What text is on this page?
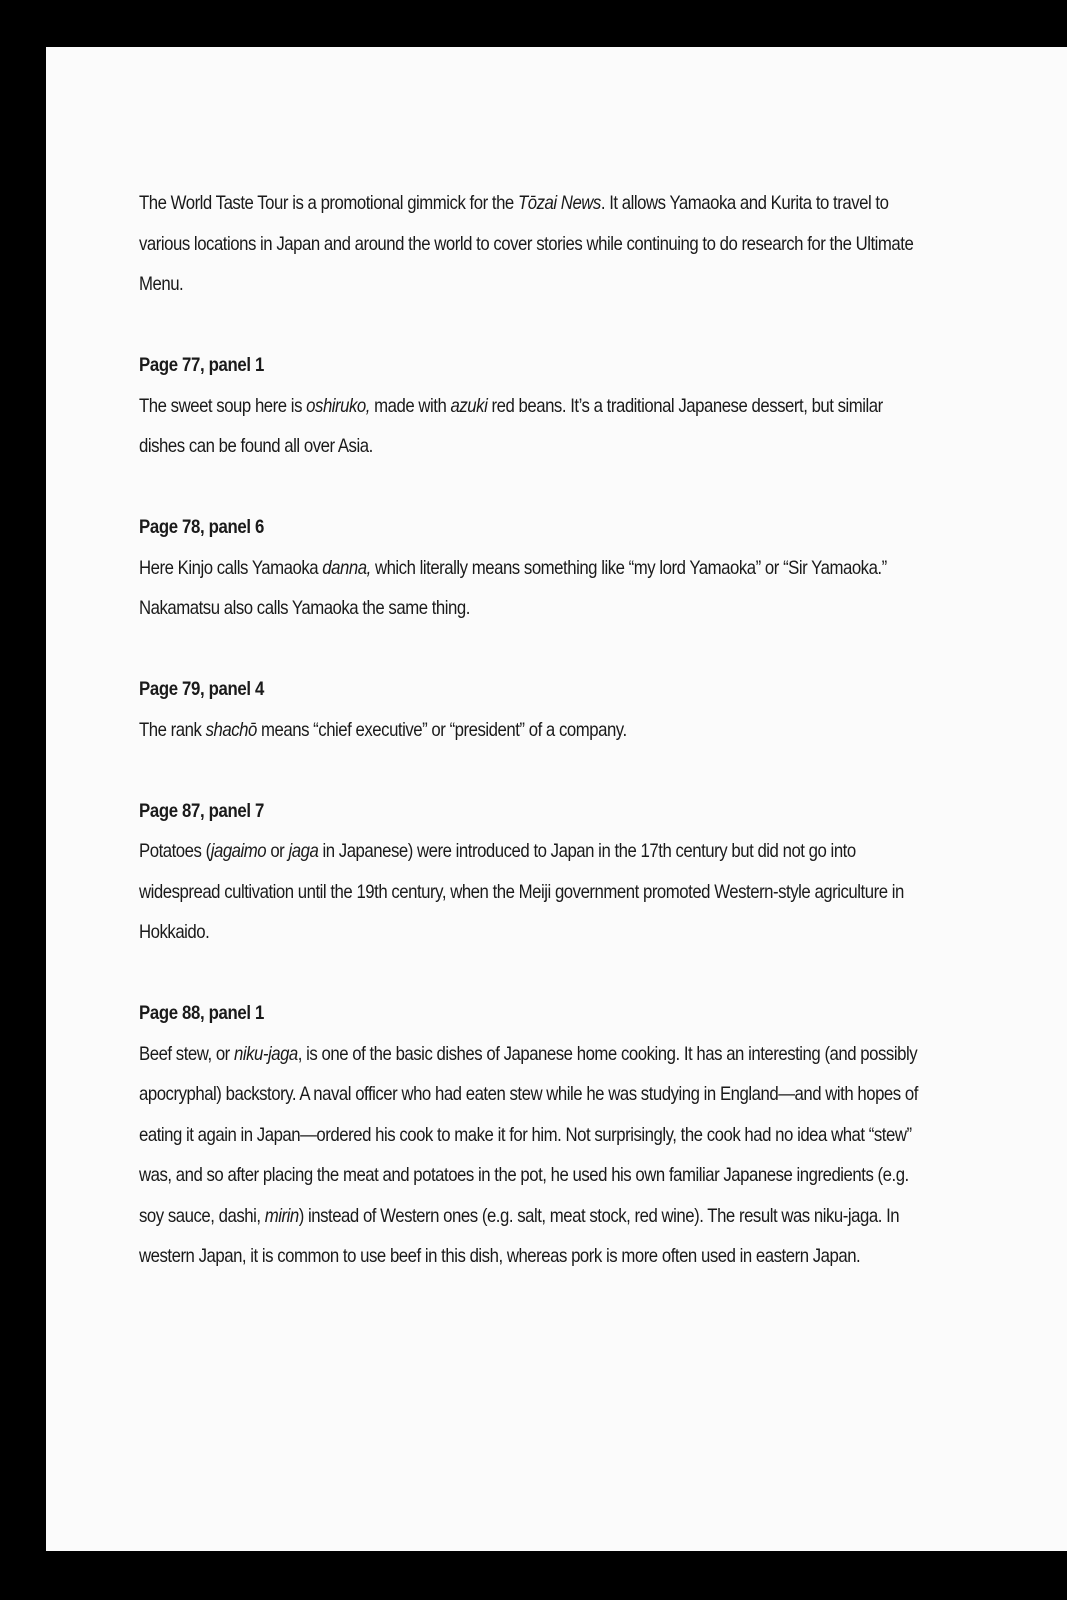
The World Taste Tour is a promotional gimmick for the Tōzai News. It allows Yamaoka and Kurita to travel to various locations in Japan and around the world to cover stories while continuing to do research for the Ultimate Menu.

Page 77, panel 1

The sweet soup here is oshiruko, made with azuki red beans. It’s a traditional Japanese dessert, but similar dishes can be found all over Asia.

Page 78, panel 6

Here Kinjo calls Yamaoka danna, which literally means something like “my lord Yamaoka” or “Sir Yamaoka.” Nakamatsu also calls Yamaoka the same thing.

Page 79, panel 4

The rank shachō means “chief executive” or “president” of a company.

Page 87, panel 7

Potatoes (jagaimo or jaga in Japanese) were introduced to Japan in the 17th century but did not go into widespread cultivation until the 19th century, when the Meiji government promoted Western-style agriculture in Hokkaido.

Page 88, panel 1

Beef stew, or niku-jaga, is one of the basic dishes of Japanese home cooking. It has an interesting (and possibly apocryphal) backstory. A naval officer who had eaten stew while he was studying in England—and with hopes of eating it again in Japan—ordered his cook to make it for him. Not surprisingly, the cook had no idea what “stew” was, and so after placing the meat and potatoes in the pot, he used his own familiar Japanese ingredients (e.g. soy sauce, dashi, mirin) instead of Western ones (e.g. salt, meat stock, red wine). The result was niku-jaga. In western Japan, it is common to use beef in this dish, whereas pork is more often used in eastern Japan.
